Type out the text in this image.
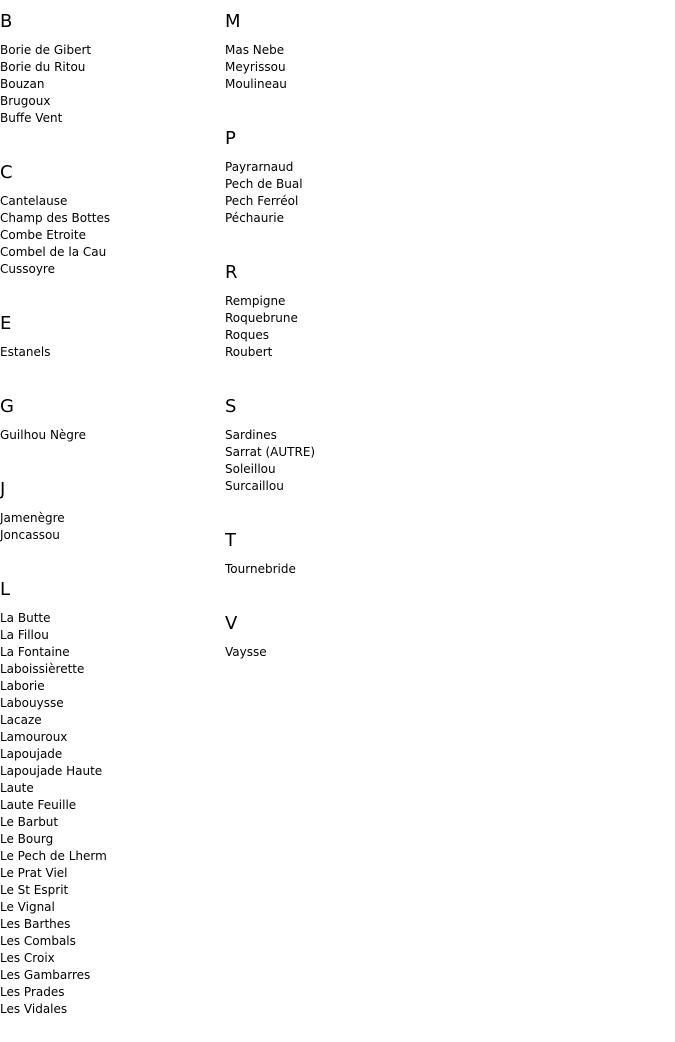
B
Borie de Gibert
Borie du Ritou
Bouzan
Brugoux
Buffe Vent
C
Cantelause
Champ des Bottes
Combe Etroite
Combel de la Cau
Cussoyre
E
Estanels
G
Guilhou Nègre
J
Jamenègre
Joncassou
L
La Butte
La Fillou
La Fontaine
Laboissièrette
Laborie
Labouysse
Lacaze
Lamouroux
Lapoujade
Lapoujade Haute
Laute
Laute Feuille
Le Barbut
Le Bourg
Le Pech de Lherm
Le Prat Viel
Le St Esprit
Le Vignal
Les Barthes
Les Combals
Les Croix
Les Gambarres
Les Prades
Les Vidales
M
Mas Nebe
Meyrissou
Moulineau
P
Payrarnaud
Pech de Bual
Pech Ferréol
Péchaurie
R
Rempigne
Roquebrune
Roques
Roubert
S
Sardines
Sarrat (AUTRE)
Soleillou
Surcaillou
T
Tournebride
V
Vaysse
